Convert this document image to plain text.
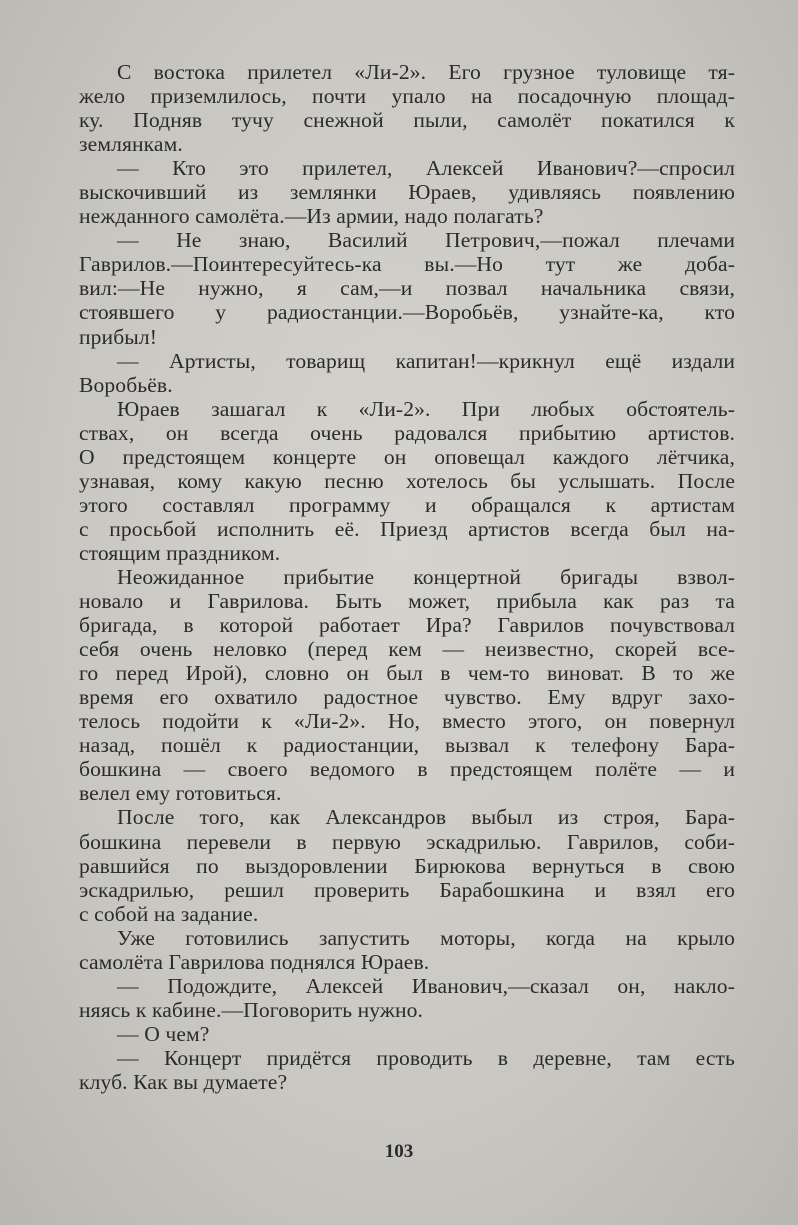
С востока прилетел «Ли-2». Его грузное туловище тя-
жело приземлилось, почти упало на посадочную площад-
ку. Подняв тучу снежной пыли, самолёт покатился к
землянкам.
— Кто это прилетел, Алексей Иванович?—спросил
выскочивший из землянки Юраев, удивляясь появлению
нежданного самолёта.—Из армии, надо полагать?
— Не знаю, Василий Петрович,—пожал плечами
Гаврилов.—Поинтересуйтесь-ка вы.—Но тут же доба-
вил:—Не нужно, я сам,—и позвал начальника связи,
стоявшего у радиостанции.—Воробьёв, узнайте-ка, кто
прибыл!
— Артисты, товарищ капитан!—крикнул ещё издали
Воробьёв.
Юраев зашагал к «Ли-2». При любых обстоятель-
ствах, он всегда очень радовался прибытию артистов.
О предстоящем концерте он оповещал каждого лётчика,
узнавая, кому какую песню хотелось бы услышать. После
этого составлял программу и обращался к артистам
с просьбой исполнить её. Приезд артистов всегда был на-
стоящим праздником.
Неожиданное прибытие концертной бригады взвол-
новало и Гаврилова. Быть может, прибыла как раз та
бригада, в которой работает Ира? Гаврилов почувствовал
себя очень неловко (перед кем — неизвестно, скорей все-
го перед Ирой), словно он был в чем-то виноват. В то же
время его охватило радостное чувство. Ему вдруг захо-
телось подойти к «Ли-2». Но, вместо этого, он повернул
назад, пошёл к радиостанции, вызвал к телефону Бара-
бошкина — своего ведомого в предстоящем полёте — и
велел ему готовиться.
После того, как Александров выбыл из строя, Бара-
бошкина перевели в первую эскадрилью. Гаврилов, соби-
равшийся по выздоровлении Бирюкова вернуться в свою
эскадрилью, решил проверить Барабошкина и взял его
с собой на задание.
Уже готовились запустить моторы, когда на крыло
самолёта Гаврилова поднялся Юраев.
— Подождите, Алексей Иванович,—сказал он, накло-
няясь к кабине.—Поговорить нужно.
— О чем?
— Концерт придётся проводить в деревне, там есть
клуб. Как вы думаете?
103
